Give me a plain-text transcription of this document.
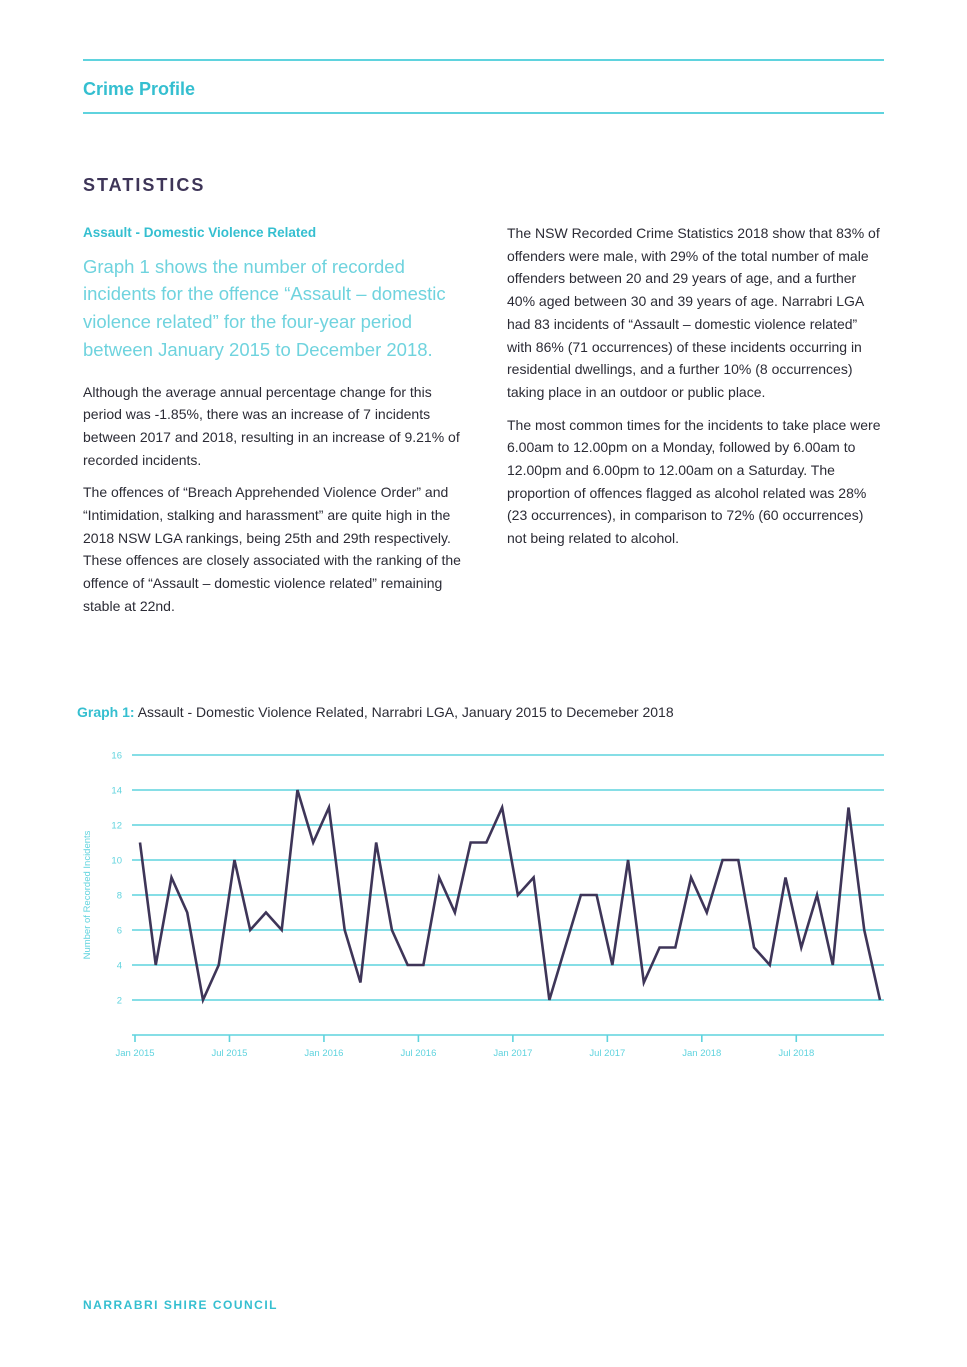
Crime Profile
STATISTICS

Assault - Domestic Violence Related

Graph 1 shows the number of recorded incidents for the offence “Assault – domestic violence related” for the four-year period between January 2015 to December 2018.

Although the average annual percentage change for this period was -1.85%, there was an increase of 7 incidents between 2017 and 2018, resulting in an increase of 9.21% of recorded incidents.

The offences of “Breach Apprehended Violence Order” and “Intimidation, stalking and harassment” are quite high in the 2018 NSW LGA rankings, being 25th and 29th respectively. These offences are closely associated with the ranking of the offence of “Assault – domestic violence related” remaining stable at 22nd.

The NSW Recorded Crime Statistics 2018 show that 83% of offenders were male, with 29% of the total number of male offenders between 20 and 29 years of age, and a further 40% aged between 30 and 39 years of age. Narrabri LGA had 83 incidents of “Assault – domestic violence related” with 86% (71 occurrences) of these incidents occurring in residential dwellings, and a further 10% (8 occurrences) taking place in an outdoor or public place.

The most common times for the incidents to take place were 6.00am to 12.00pm on a Monday, followed by 6.00am to 12.00pm and 6.00pm to 12.00am on a Saturday. The proportion of offences flagged as alcohol related was 28% (23 occurrences), in comparison to 72% (60 occurrences) not being related to alcohol.

Graph 1: Assault - Domestic Violence Related, Narrabri LGA, January 2015 to Decemeber 2018
2
4
6
8
10
12
14
16
Jan 2015	Jul 2015	Jan 2016	Jul 2016	Jan 2017	Jul 2017	Jan 2018	Jul 2018
Number of Recorded Incidents
NARRABRI SHIRE COUNCIL
